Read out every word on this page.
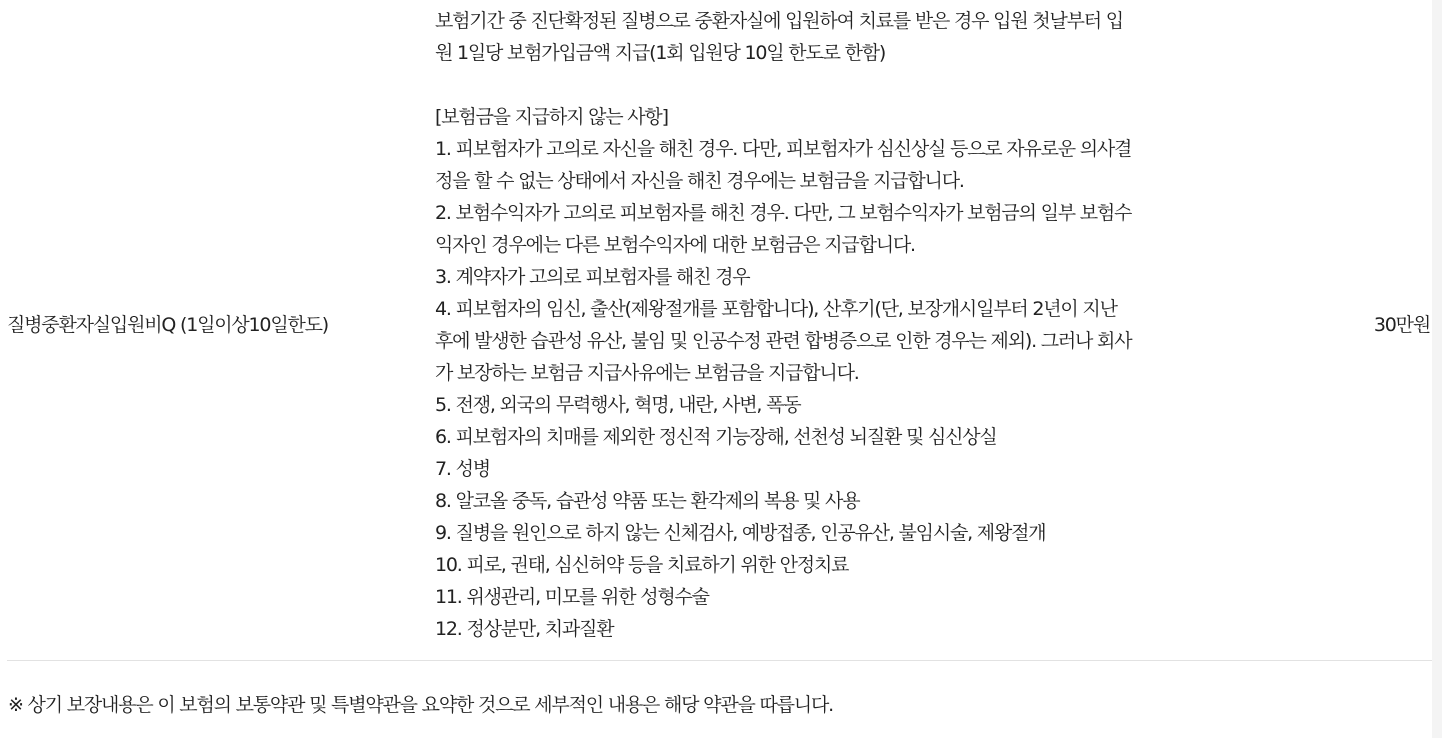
질병중환자실입원비Q (1일이상10일한도)
보험기간 중 진단확정된 질병으로 중환자실에 입원하여 치료를 받은 경우 입원 첫날부터 입
원 1일당 보험가입금액 지급(1회 입원당 10일 한도로 한함)
[보험금을 지급하지 않는 사항]
1. 피보험자가 고의로 자신을 해친 경우. 다만, 피보험자가 심신상실 등으로 자유로운 의사결
정을 할 수 없는 상태에서 자신을 해친 경우에는 보험금을 지급합니다.
2. 보험수익자가 고의로 피보험자를 해친 경우. 다만, 그 보험수익자가 보험금의 일부 보험수
익자인 경우에는 다른 보험수익자에 대한 보험금은 지급합니다.
3. 계약자가 고의로 피보험자를 해친 경우
4. 피보험자의 임신, 출산(제왕절개를 포함합니다), 산후기(단, 보장개시일부터 2년이 지난
후에 발생한 습관성 유산, 불임 및 인공수정 관련 합병증으로 인한 경우는 제외). 그러나 회사
가 보장하는 보험금 지급사유에는 보험금을 지급합니다.
5. 전쟁, 외국의 무력행사, 혁명, 내란, 사변, 폭동
6. 피보험자의 치매를 제외한 정신적 기능장해, 선천성 뇌질환 및 심신상실
7. 성병
8. 알코올 중독, 습관성 약품 또는 환각제의 복용 및 사용
9. 질병을 원인으로 하지 않는 신체검사, 예방접종, 인공유산, 불임시술, 제왕절개
10. 피로, 권태, 심신허약 등을 치료하기 위한 안정치료
11. 위생관리, 미모를 위한 성형수술
12. 정상분만, 치과질환
30만원
※ 상기 보장내용은 이 보험의 보통약관 및 특별약관을 요약한 것으로 세부적인 내용은 해당 약관을 따릅니다.
